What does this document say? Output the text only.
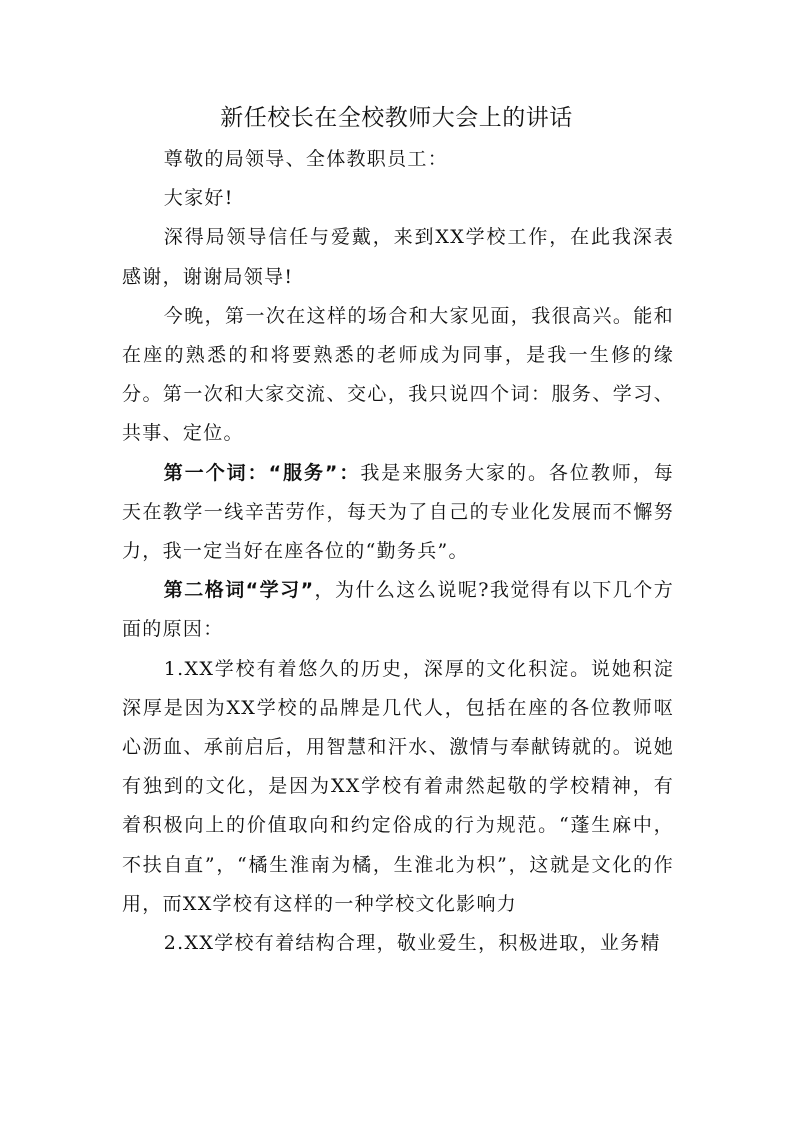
新任校长在全校教师大会上的讲话

尊敬的局领导、全体教职员工：

大家好!

深得局领导信任与爱戴，来到XX学校工作，在此我深表感谢，谢谢局领导!

今晚，第一次在这样的场合和大家见面，我很高兴。能和在座的熟悉的和将要熟悉的老师成为同事，是我一生修的缘分。第一次和大家交流、交心，我只说四个词：服务、学习、共事、定位。

第一个词：“服务”：我是来服务大家的。各位教师，每天在教学一线辛苦劳作，每天为了自己的专业化发展而不懈努力，我一定当好在座各位的“勤务兵”。

第二格词“学习”，为什么这么说呢?我觉得有以下几个方面的原因：

1.XX学校有着悠久的历史，深厚的文化积淀。说她积淀深厚是因为XX学校的品牌是几代人，包括在座的各位教师呕心沥血、承前启后，用智慧和汗水、激情与奉献铸就的。说她有独到的文化，是因为XX学校有着肃然起敬的学校精神，有着积极向上的价值取向和约定俗成的行为规范。“蓬生麻中，不扶自直”，“橘生淮南为橘，生淮北为枳”，这就是文化的作用，而XX学校有这样的一种学校文化影响力

2.XX学校有着结构合理，敬业爱生，积极进取，业务精
